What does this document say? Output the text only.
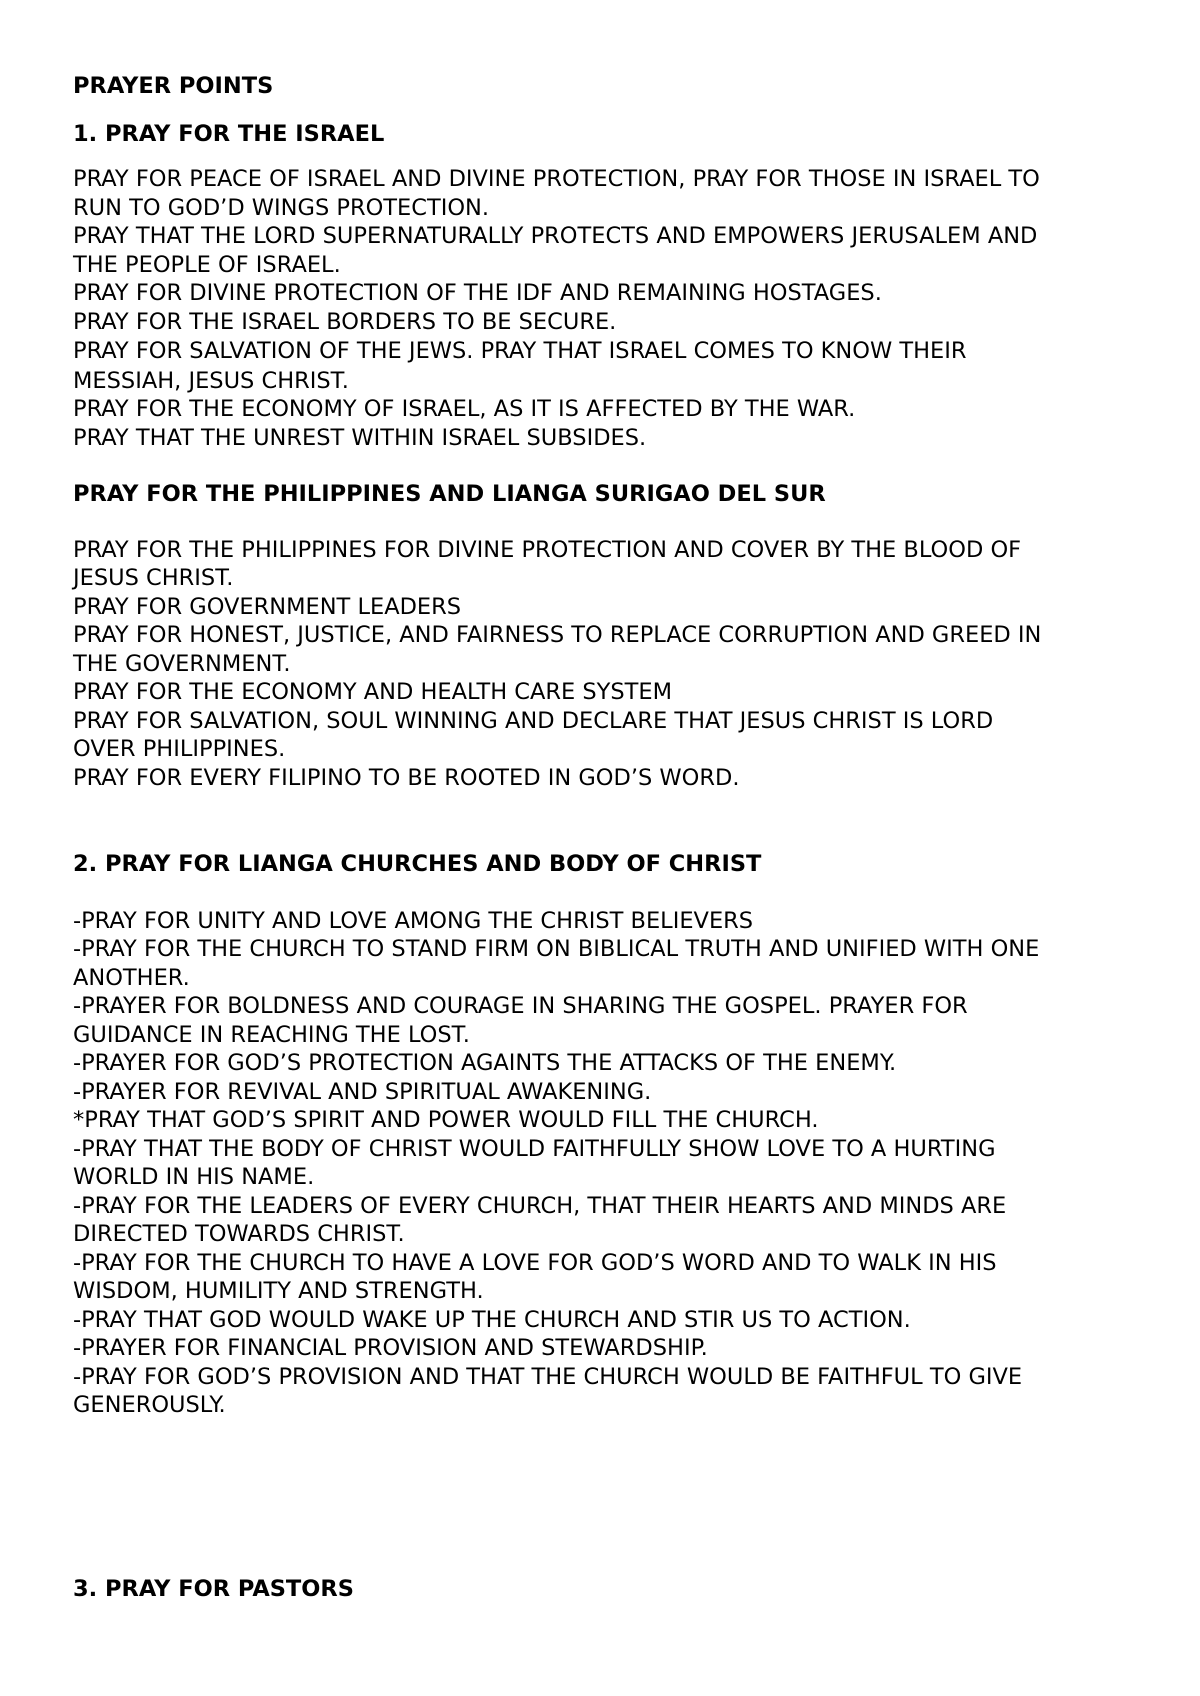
PRAYER POINTS

1. PRAY FOR THE ISRAEL

PRAY FOR PEACE OF ISRAEL AND DIVINE PROTECTION, PRAY FOR THOSE IN ISRAEL TO

RUN TO GOD’D WINGS PROTECTION.

PRAY THAT THE LORD SUPERNATURALLY PROTECTS AND EMPOWERS JERUSALEM AND

THE PEOPLE OF ISRAEL.

PRAY FOR DIVINE PROTECTION OF THE IDF AND REMAINING HOSTAGES.

PRAY FOR THE ISRAEL BORDERS TO BE SECURE.

PRAY FOR SALVATION OF THE JEWS. PRAY THAT ISRAEL COMES TO KNOW THEIR

MESSIAH, JESUS CHRIST.

PRAY FOR THE ECONOMY OF ISRAEL, AS IT IS AFFECTED BY THE WAR.

PRAY THAT THE UNREST WITHIN ISRAEL SUBSIDES.

PRAY FOR THE PHILIPPINES AND LIANGA SURIGAO DEL SUR

PRAY FOR THE PHILIPPINES FOR DIVINE PROTECTION AND COVER BY THE BLOOD OF

JESUS CHRIST.

PRAY FOR GOVERNMENT LEADERS

PRAY FOR HONEST, JUSTICE, AND FAIRNESS TO REPLACE CORRUPTION AND GREED IN

THE GOVERNMENT.

PRAY FOR THE ECONOMY AND HEALTH CARE SYSTEM

PRAY FOR SALVATION, SOUL WINNING AND DECLARE THAT JESUS CHRIST IS LORD

OVER PHILIPPINES.

PRAY FOR EVERY FILIPINO TO BE ROOTED IN GOD’S WORD.

2. PRAY FOR LIANGA CHURCHES AND BODY OF CHRIST

-PRAY FOR UNITY AND LOVE AMONG THE CHRIST BELIEVERS

-PRAY FOR THE CHURCH TO STAND FIRM ON BIBLICAL TRUTH AND UNIFIED WITH ONE

ANOTHER.

-PRAYER FOR BOLDNESS AND COURAGE IN SHARING THE GOSPEL. PRAYER FOR

GUIDANCE IN REACHING THE LOST.

-PRAYER FOR GOD’S PROTECTION AGAINTS THE ATTACKS OF THE ENEMY.

-PRAYER FOR REVIVAL AND SPIRITUAL AWAKENING.

*PRAY THAT GOD’S SPIRIT AND POWER WOULD FILL THE CHURCH.

-PRAY THAT THE BODY OF CHRIST WOULD FAITHFULLY SHOW LOVE TO A HURTING

WORLD IN HIS NAME.

-PRAY FOR THE LEADERS OF EVERY CHURCH, THAT THEIR HEARTS AND MINDS ARE

DIRECTED TOWARDS CHRIST.

-PRAY FOR THE CHURCH TO HAVE A LOVE FOR GOD’S WORD AND TO WALK IN HIS

WISDOM, HUMILITY AND STRENGTH.

-PRAY THAT GOD WOULD WAKE UP THE CHURCH AND STIR US TO ACTION.

-PRAYER FOR FINANCIAL PROVISION AND STEWARDSHIP.

-PRAY FOR GOD’S PROVISION AND THAT THE CHURCH WOULD BE FAITHFUL TO GIVE

GENEROUSLY.

3. PRAY FOR PASTORS
